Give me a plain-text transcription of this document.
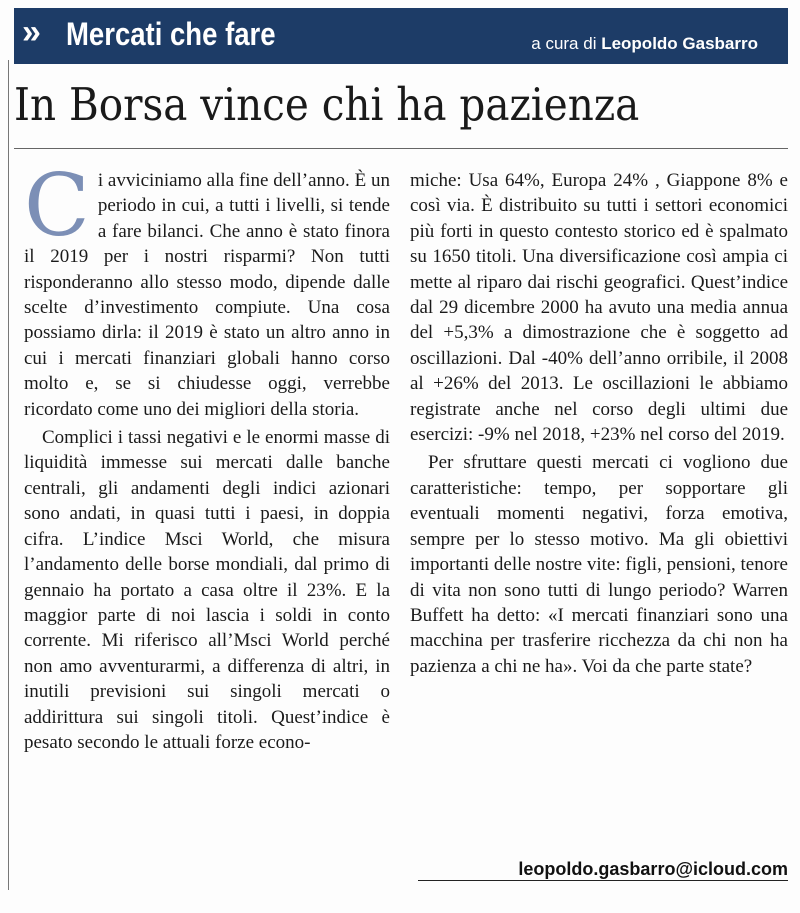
» Mercati che fare	a cura di Leopoldo Gasbarro
In Borsa vince chi ha pazienza

Ci avviciniamo alla fine dell’anno. È un periodo in cui, a tutti i livelli, si tende a fare bilanci. Che anno è stato finora il 2019 per i nostri risparmi? Non tutti risponderanno allo stesso modo, dipende dalle scelte d’investimento compiute. Una cosa possiamo dirla: il 2019 è stato un altro anno in cui i mercati finanziari globali hanno corso molto e, se si chiudesse oggi, verrebbe ricordato come uno dei migliori della storia.

Complici i tassi negativi e le enormi masse di liquidità immesse sui mercati dalle banche centrali, gli andamenti degli indici azionari sono andati, in quasi tutti i paesi, in doppia cifra. L’indice Msci World, che misura l’andamento delle borse mondiali, dal primo di gennaio ha portato a casa oltre il 23%. E la maggior parte di noi lascia i soldi in conto corrente. Mi riferisco all’Msci World perché non amo avventurarmi, a differenza di altri, in inutili previsioni sui singoli mercati o addirittura sui singoli titoli. Quest’indice è pesato secondo le attuali forze econo-

miche: Usa 64%, Europa 24% , Giappone 8% e così via. È distribuito su tutti i settori economici più forti in questo contesto storico ed è spalmato su 1650 titoli. Una diversificazione così ampia ci mette al riparo dai rischi geografici. Quest’indice dal 29 dicembre 2000 ha avuto una media annua del +5,3% a dimostrazione che è soggetto ad oscillazioni. Dal -40% dell’anno orribile, il 2008 al +26% del 2013. Le oscillazioni le abbiamo registrate anche nel corso degli ultimi due esercizi: -9% nel 2018, +23% nel corso del 2019.

Per sfruttare questi mercati ci vogliono due caratteristiche: tempo, per sopportare gli eventuali momenti negativi, forza emotiva, sempre per lo stesso motivo. Ma gli obiettivi importanti delle nostre vite: figli, pensioni, tenore di vita non sono tutti di lungo periodo? Warren Buffett ha detto: «I mercati finanziari sono una macchina per trasferire ricchezza da chi non ha pazienza a chi ne ha». Voi da che parte state?

leopoldo.gasbarro@icloud.com
